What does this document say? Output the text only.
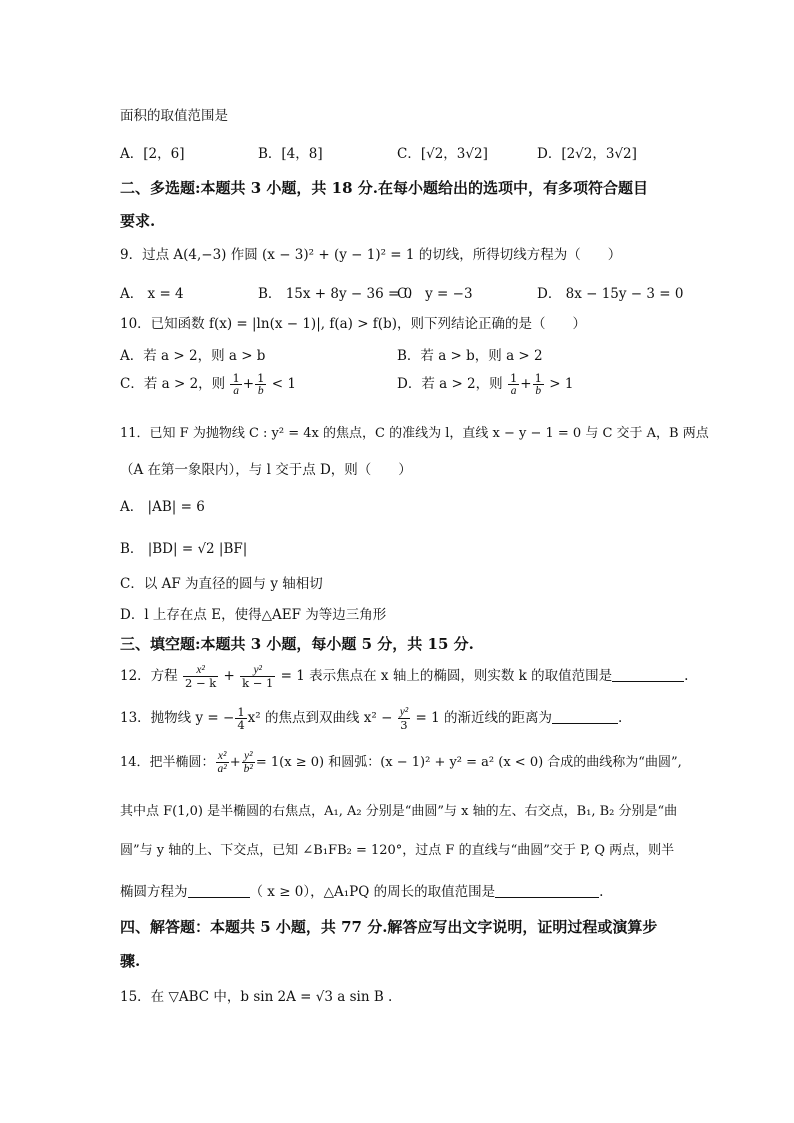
面积的取值范围是
A．[2，6]	B．[4，8]	C．[√2，3√2]	D．[2√2，3√2]
二、多选题:本题共 3 小题，共 18 分.在每小题给出的选项中，有多项符合题目
要求.
9．过点 A(4,−3) 作圆 (x − 3)² + (y − 1)² = 1 的切线，所得切线方程为（　　）
A． x = 4	B． 15x + 8y − 36 = 0
C． y = −3	D． 8x − 15y − 3 = 0
10．已知函数 f(x) = |ln(x − 1)|, f(a) > f(b)，则下列结论正确的是（　　）
A．若 a > 2，则 a > b	B．若 a > b，则 a > 2
C．若 a > 2，则 $\frac{1}{a} + \frac{1}{b} < 1$	D．若 a > 2，则 $\frac{1}{a} + \frac{1}{b} > 1$
11．已知 F 为抛物线 C : y² = 4x 的焦点，C 的准线为 l，直线 x − y − 1 = 0 与 C 交于 A，B 两点
（A 在第一象限内），与 l 交于点 D，则（　　）
A． |AB| = 6
B． |BD| = √2 |BF|
C．以 AF 为直径的圆与 y 轴相切
D．l 上存在点 E，使得△AEF 为等边三角形
三、填空题:本题共 3 小题，每小题 5 分，共 15 分.
12．方程 $\frac{\text{x²}}{2 - k} + \frac{\text{y²}}{k - 1} = 1$ 表示焦点在 x 轴上的椭圆，则实数 k 的取值范围是	.
13．抛物线 y = − $\frac{1}{4} x^2$ 的焦点到双曲线 $x^2 - \frac{\text{y²}}{3} = 1$ 的渐近线的距离为	.
14．把半椭圆： $\frac{\text{x²}}{\text{a²}} + \frac{\text{y²}}{\text{b²}} = 1(x \ge 0)$ 和圆弧：(x − 1)² + y² = a² (x < 0) 合成的曲线称为“曲圆”,
其中点 F(1,0) 是半椭圆的右焦点，A₁, A₂ 分别是“曲圆”与 x 轴的左、右交点，B₁, B₂ 分别是“曲
圆”与 y 轴的上、下交点，已知 ∠B₁FB₂ = 120°，过点 F 的直线与“曲圆”交于 P, Q 两点，则半
椭圆方程为	（ x ≥ 0），△A₁PQ 的周长的取值范围是	.
四、解答题：本题共 5 小题，共 77 分.解答应写出文字说明，证明过程或演算步
骤.
15．在 ▽ABC 中，b sin 2A = √3 a sin B .
